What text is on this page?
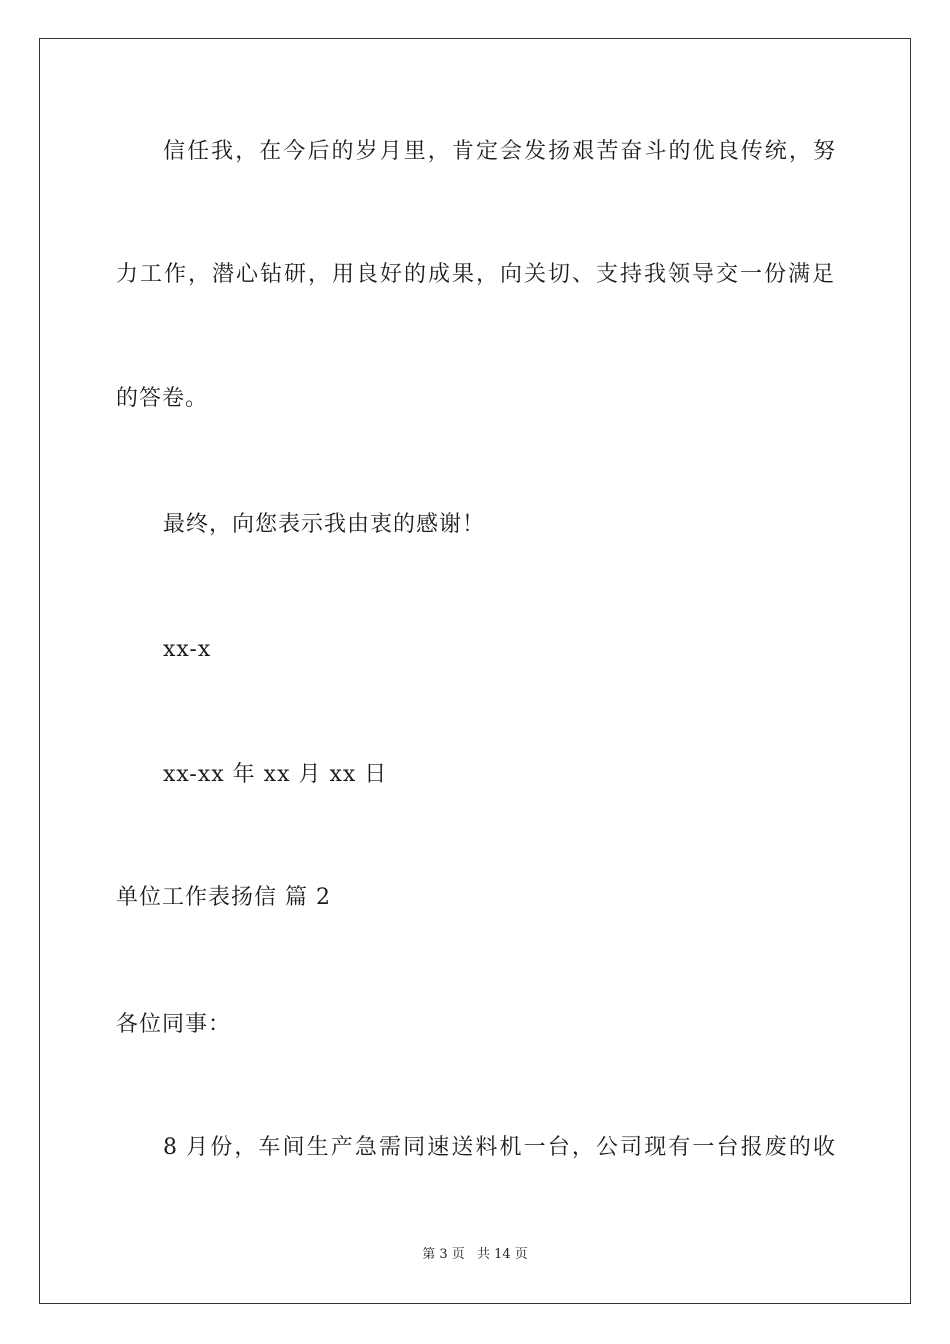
信任我，在今后的岁月里，肯定会发扬艰苦奋斗的优良传统，努
力工作，潜心钻研，用良好的成果，向关切、支持我领导交一份满足
的答卷。
最终，向您表示我由衷的感谢！
xx-x
xx-xx 年 xx 月 xx 日
单位工作表扬信 篇 2
各位同事：
8 月份，车间生产急需同速送料机一台，公司现有一台报废的收
第 3 页 共 14 页
